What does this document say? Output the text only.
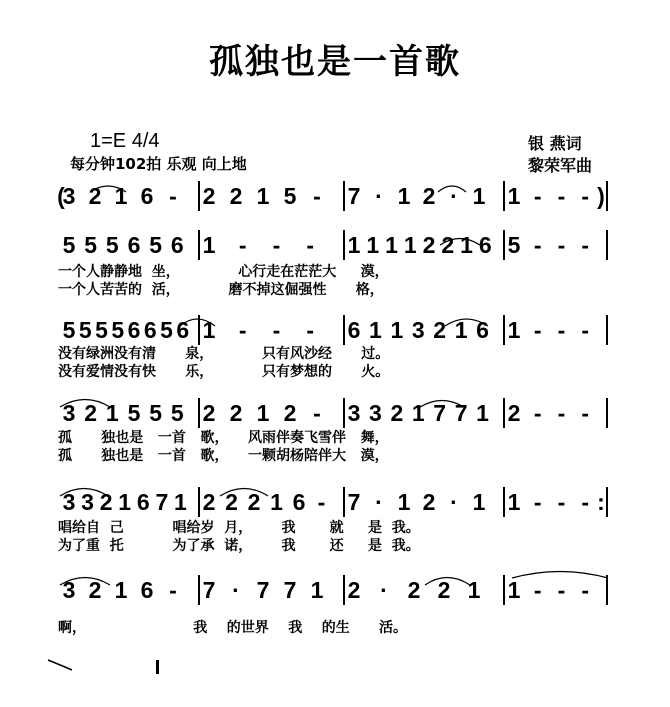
孤独也是一首歌
1=E 4/4
每分钟102拍 乐观 向上地
银 燕词
黎荣军曲
(
3 2 1 6 - 2 2 1 5 - 7 · 1 2 · 1 1 - - - )
5 5 5 6 5 6 1 - - - 1 1 1 1 2 2 1 6 5 - - -
一个人静静地  坐，            心行走在茫茫大     漠，
一个人苦苦的  活，          磨不掉这倔强性      格，
5 5 5 5 6 6 5 6 1 - - - 6 1 1 3 2 1 6 1 - - -
没有绿洲没有清      泉，          只有风沙经      过。
没有爱情没有快      乐，          只有梦想的      火。
3 2 1 5 5 5 2 2 1 2 - 3 3 2 1 7 7 1 2 - - -
孤      独也是   一首   歌，    风雨伴奏飞雪伴   舞，
孤      独也是   一首   歌，    一颗胡杨陪伴大   漠，
3 3 2 1 6 7 1 2 2 2 1 6 - 7 · 1 2 · 1 1 - - - :
唱给自  己          唱给岁  月，      我       就     是  我。
为了重  托          为了承  诺，      我       还     是  我。
3 2 1 6 - 7 · 7 7 1 2 · 2 2 1 1 - - -
啊，                      我    的世界    我    的生      活。
